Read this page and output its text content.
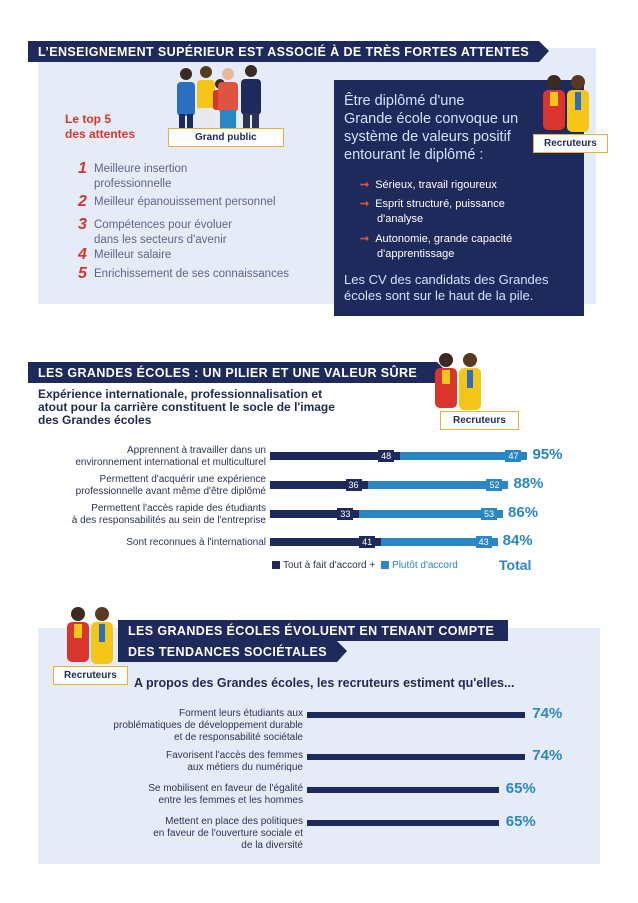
L’ENSEIGNEMENT SUPÉRIEUR EST ASSOCIÉ À DE TRÈS FORTES ATTENTES
Grand public
Le top 5
des attentes
1 Meilleure insertion
professionnelle
2 Meilleur épanouissement personnel
3 Compétences pour évoluer
dans les secteurs d'avenir
4 Meilleur salaire
5 Enrichissement de ses connaissances
Être diplômé d'une
Grande école convoque un
système de valeurs positif
entourant le diplômé :
➞ Sérieux, travail rigoureux
➞ Esprit structuré, puissance
d'analyse
➞ Autonomie, grande capacité
d'apprentissage
Les CV des candidats des Grandes
écoles sont sur le haut de la pile.
Recruteurs
LES GRANDES ÉCOLES : UN PILIER ET UNE VALEUR SÛRE
Expérience internationale, professionnalisation et
atout pour la carrière constituent le socle de l'image
des Grandes écoles	Recruteurs
Apprennent à travailler dans un
environnement international et multiculturel
48	47 95%
Permettent d'acquérir une expérience
professionnelle avant même d'être diplômé
36	52 88%
Permettent l'accès rapide des étudiants
à des responsabilités au sein de l'entreprise
33	53 86%
Sont reconnues à l'international	41	43 84%
Tout à fait d'accord + Plutôt d'accord	Total
Recruteurs
LES GRANDES ÉCOLES ÉVOLUENT EN TENANT COMPTE
DES TENDANCES SOCIÉTALES
A propos des Grandes écoles, les recruteurs estiment qu'elles...
Forment leurs étudiants aux
problématiques de développement durable
et de responsabilité sociétale
74%
Favorisent l'accès des femmes
aux métiers du numérique
74%
Se mobilisent en faveur de l'égalité
entre les femmes et les hommes
65%
Mettent en place des politiques
en faveur de l'ouverture sociale et
de la diversité
65%
